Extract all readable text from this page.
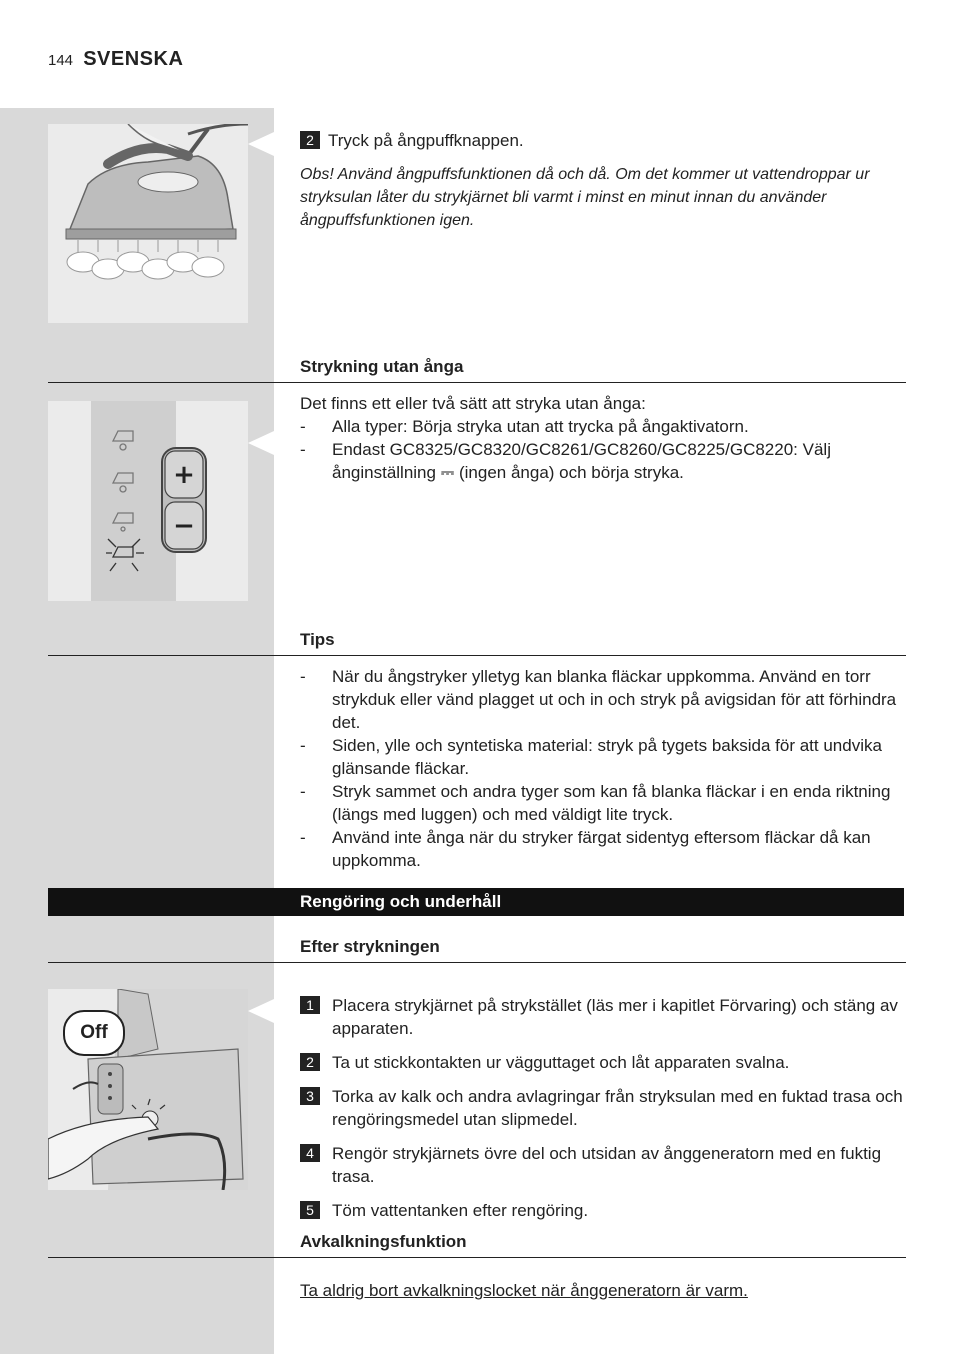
144 SVENSKA
2 Tryck på ångpuffknappen.
Obs! Använd ångpuffsfunktionen då och då. Om det kommer ut vattendroppar ur stryksulan låter du strykjärnet bli varmt i minst en minut innan du använder ångpuffsfunktionen igen.
Strykning utan ånga
+
−
Det finns ett eller två sätt att stryka utan ånga:
- Alla typer: Börja stryka utan att trycka på ångaktivatorn.
- Endast GC8325/GC8320/GC8261/GC8260/GC8225/GC8220: Välj ånginställning ⎓ (ingen ånga) och börja stryka.
Tips
- När du ångstryker ylletyg kan blanka fläckar uppkomma. Använd en torr strykduk eller vänd plagget ut och in och stryk på avigsidan för att förhindra det.
- Siden, ylle och syntetiska material: stryk på tygets baksida för att undvika glänsande fläckar.
- Stryk sammet och andra tyger som kan få blanka fläckar i en enda riktning (längs med luggen) och med väldigt lite tryck.
- Använd inte ånga när du stryker färgat sidentyg eftersom fläckar då kan uppkomma.
Rengöring och underhåll
Efter strykningen
Off
1 Placera strykjärnet på strykstället (läs mer i kapitlet Förvaring) och stäng av apparaten.
2 Ta ut stickkontakten ur vägguttaget och låt apparaten svalna.
3 Torka av kalk och andra avlagringar från stryksulan med en fuktad trasa och rengöringsmedel utan slipmedel.
4 Rengör strykjärnets övre del och utsidan av ånggeneratorn med en fuktig trasa.
5 Töm vattentanken efter rengöring.
Avkalkningsfunktion
Ta aldrig bort avkalkningslocket när ånggeneratorn är varm.
